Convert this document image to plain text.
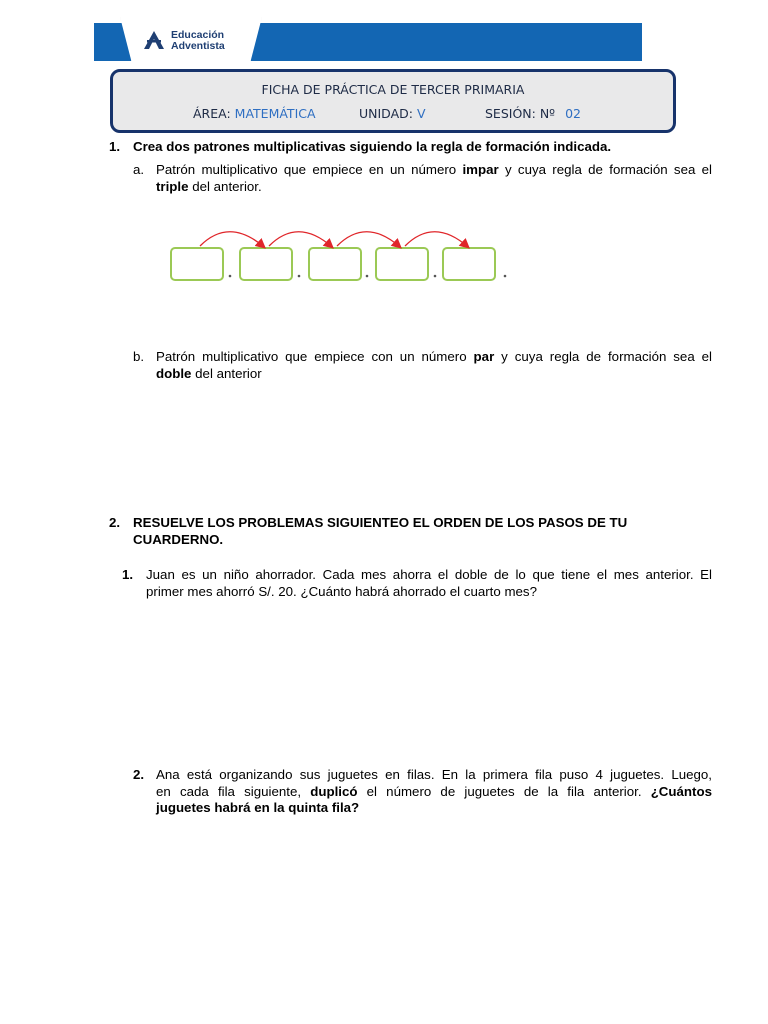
Educación
Adventista
FICHA DE PRÁCTICA DE TERCER PRIMARIA
ÁREA: MATEMÁTICA	UNIDAD: V	SESIÓN: Nº 02
1. Crea dos patrones multiplicativas siguiendo la regla de formación indicada.
a. Patrón multiplicativo que empiece en un número impar y cuya regla de formación sea el
triple del anterior.
b. Patrón multiplicativo que empiece con un número par y cuya regla de formación sea el
doble del anterior
2. RESUELVE LOS PROBLEMAS SIGUIENTEO EL ORDEN DE LOS PASOS DE TU
CUARDERNO.
1. Juan es un niño ahorrador. Cada mes ahorra el doble de lo que tiene el mes anterior. El
primer mes ahorró S/. 20. ¿Cuánto habrá ahorrado el cuarto mes?
2. Ana está organizando sus juguetes en filas. En la primera fila puso 4 juguetes. Luego,
en cada fila siguiente, duplicó el número de juguetes de la fila anterior. ¿Cuántos
juguetes habrá en la quinta fila?
